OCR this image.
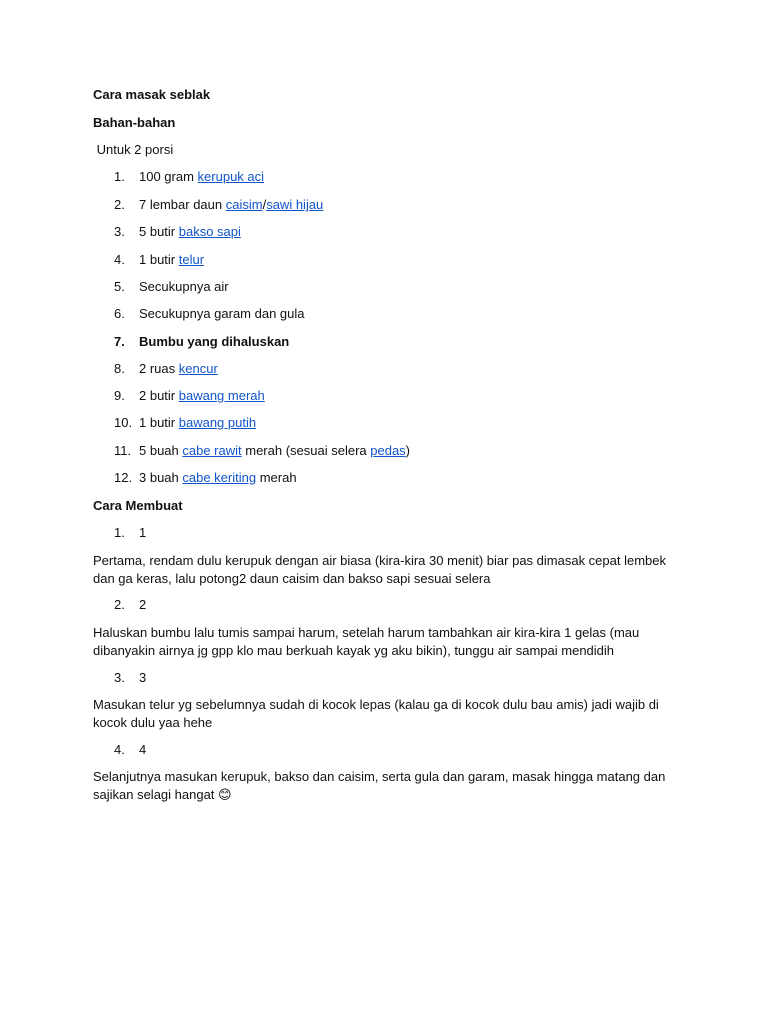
Cara masak seblak
Bahan-bahan
Untuk 2 porsi
1.	100 gram kerupuk aci
2.	7 lembar daun caisim/sawi hijau
3.	5 butir bakso sapi
4.	1 butir telur
5.	Secukupnya air
6.	Secukupnya garam dan gula
7.	Bumbu yang dihaluskan
8.	2 ruas kencur
9.	2 butir bawang merah
10. 1 butir bawang putih
11. 5 buah cabe rawit merah (sesuai selera pedas)
12. 3 buah cabe keriting merah
Cara Membuat
1.	1
Pertama, rendam dulu kerupuk dengan air biasa (kira-kira 30 menit) biar pas dimasak cepat lembek dan ga keras, lalu potong2 daun caisim dan bakso sapi sesuai selera
2.	2
Haluskan bumbu lalu tumis sampai harum, setelah harum tambahkan air kira-kira 1 gelas (mau dibanyakin airnya jg gpp klo mau berkuah kayak yg aku bikin), tunggu air sampai mendidih
3.	3
Masukan telur yg sebelumnya sudah di kocok lepas (kalau ga di kocok dulu bau amis) jadi wajib di kocok dulu yaa hehe
4.	4
Selanjutnya masukan kerupuk, bakso dan caisim, serta gula dan garam, masak hingga matang dan sajikan selagi hangat 😊
